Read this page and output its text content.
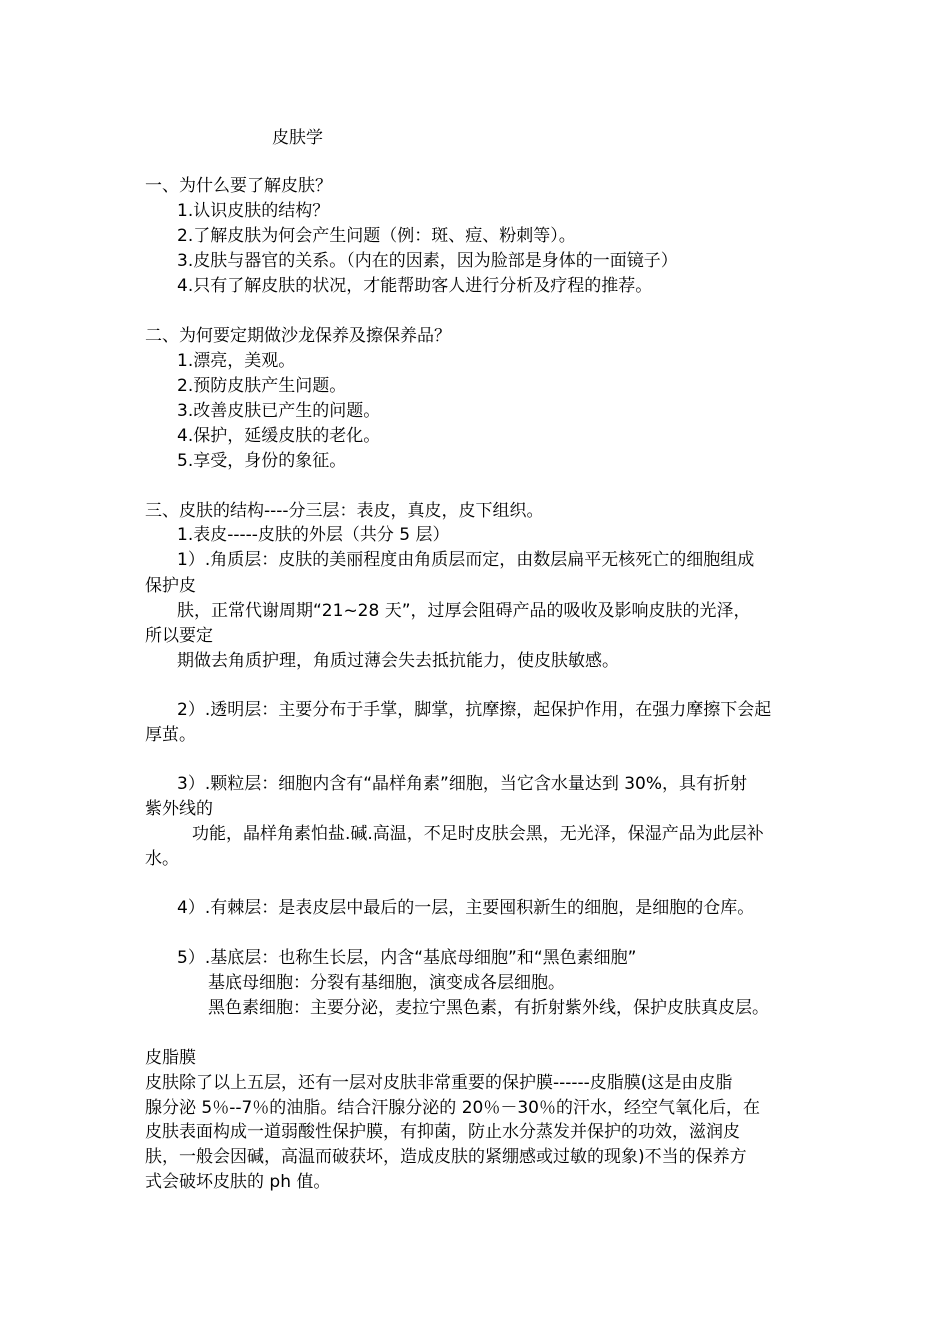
皮肤学
一、为什么要了解皮肤？
1.认识皮肤的结构？
2.了解皮肤为何会产生问题（例：斑、痘、粉刺等）。
3.皮肤与器官的关系。（内在的因素，因为脸部是身体的一面镜子）
4.只有了解皮肤的状况，才能帮助客人进行分析及疗程的推荐。
二、为何要定期做沙龙保养及擦保养品？
1.漂亮，美观。
2.预防皮肤产生问题。
3.改善皮肤已产生的问题。
4.保护，延缓皮肤的老化。
5.享受，身份的象征。
三、皮肤的结构----分三层：表皮，真皮，皮下组织。
1.表皮-----皮肤的外层（共分 5 层）
1）.角质层：皮肤的美丽程度由角质层而定，由数层扁平无核死亡的细胞组成
保护皮
肤，正常代谢周期“21~28 天”，过厚会阻碍产品的吸收及影响皮肤的光泽，
所以要定
期做去角质护理，角质过薄会失去抵抗能力，使皮肤敏感。
2）.透明层：主要分布于手掌，脚掌，抗摩擦，起保护作用，在强力摩擦下会起
厚茧。
3）.颗粒层：细胞内含有“晶样角素”细胞，当它含水量达到 30%，具有折射
紫外线的
功能，晶样角素怕盐.碱.高温，不足时皮肤会黑，无光泽，保湿产品为此层补
水。
4）.有棘层：是表皮层中最后的一层，主要囤积新生的细胞，是细胞的仓库。
5）.基底层：也称生长层，内含“基底母细胞”和“黑色素细胞”
基底母细胞：分裂有基细胞，演变成各层细胞。
黑色素细胞：主要分泌，麦拉宁黑色素，有折射紫外线，保护皮肤真皮层。
皮脂膜
皮肤除了以上五层，还有一层对皮肤非常重要的保护膜------皮脂膜(这是由皮脂
腺分泌 5％--7％的油脂。结合汗腺分泌的 20％－30％的汗水，经空气氧化后，在
皮肤表面构成一道弱酸性保护膜，有抑菌，防止水分蒸发并保护的功效，滋润皮
肤，一般会因碱，高温而破获坏，造成皮肤的紧绷感或过敏的现象)不当的保养方
式会破坏皮肤的 ph 值。
